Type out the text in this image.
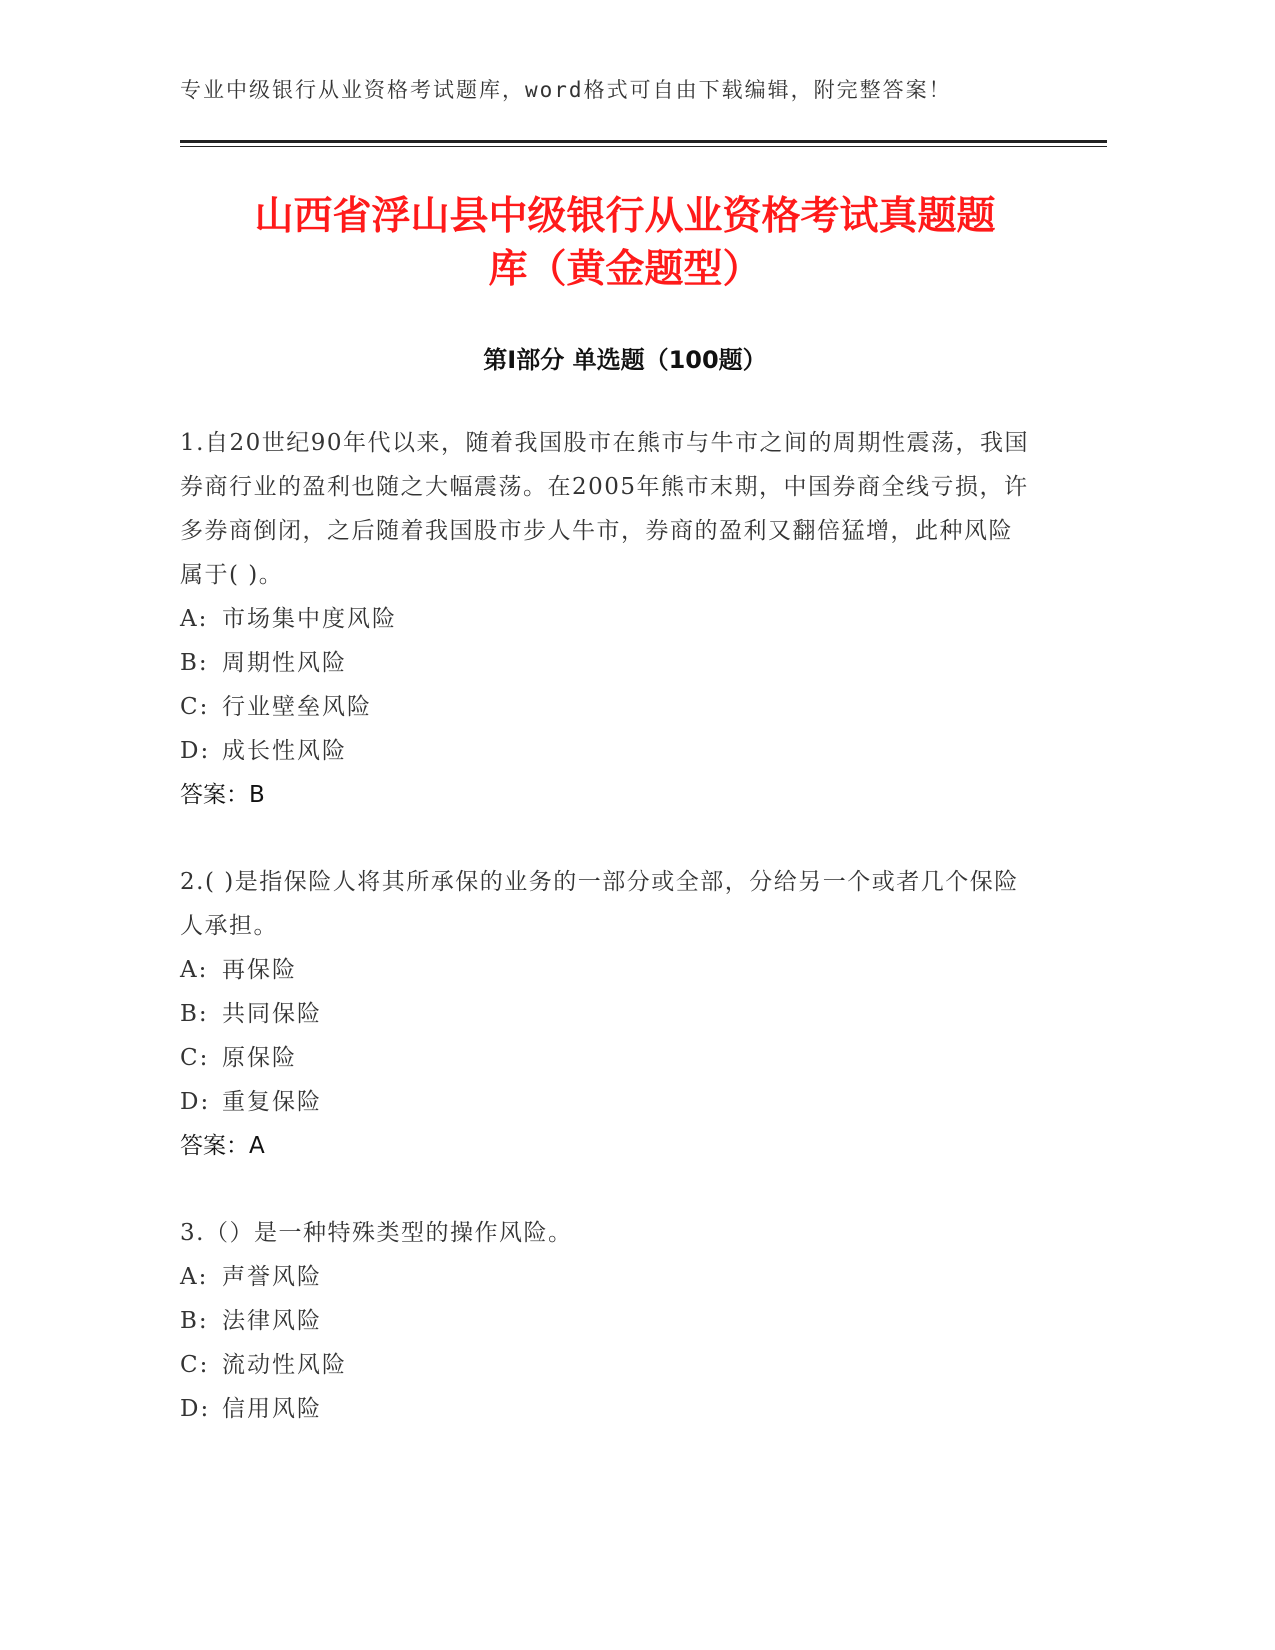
专业中级银行从业资格考试题库，word格式可自由下载编辑，附完整答案！
山西省浮山县中级银行从业资格考试真题题
库（黄金题型）
第Ⅰ部分 单选题（100题）

1.自20世纪90年代以来，随着我国股市在熊市与牛市之间的周期性震荡，我国券商行业的盈利也随之大幅震荡。在2005年熊市末期，中国券商全线亏损，许多券商倒闭，之后随着我国股市步人牛市，券商的盈利又翻倍猛增，此种风险属于( )。

A: 市场集中度风险
B: 周期性风险
C: 行业壁垒风险
D: 成长性风险
答案：B

2.( )是指保险人将其所承保的业务的一部分或全部，分给另一个或者几个保险人承担。

A: 再保险
B: 共同保险
C: 原保险
D: 重复保险
答案：A

3.（）是一种特殊类型的操作风险。

A: 声誉风险
B: 法律风险
C: 流动性风险
D: 信用风险
